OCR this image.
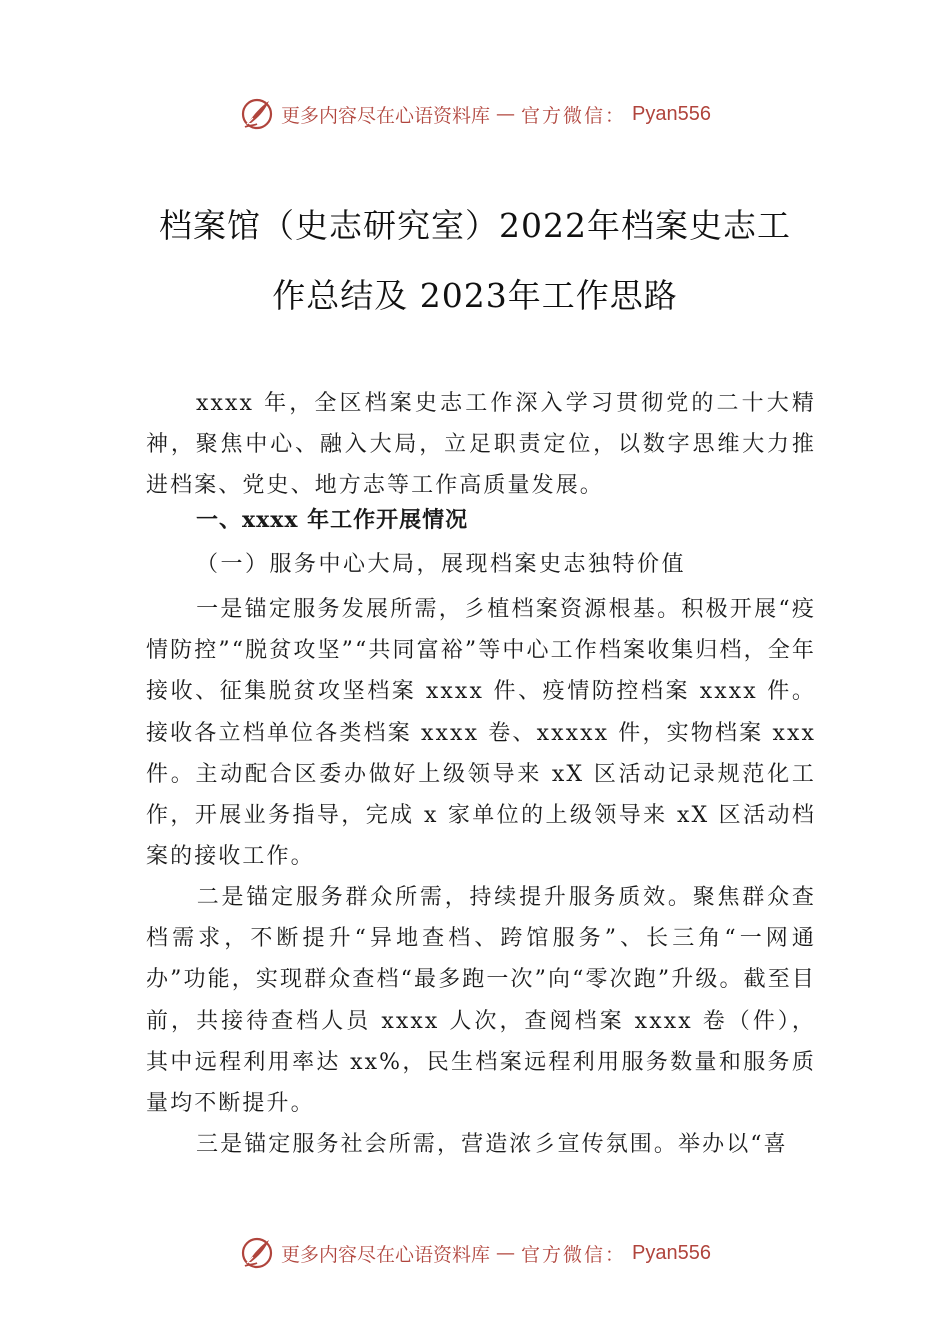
更多内容尽在心语资料库 — 官方微信： Pyan556
档案馆（史志研究室）2022年档案史志工
作总结及 2023年工作思路

xxxx 年，全区档案史志工作深入学习贯彻党的二十大精神，聚焦中心、融入大局，立足职责定位，以数字思维大力推进档案、党史、地方志等工作高质量发展。

一、xxxx 年工作开展情况

（一）服务中心大局，展现档案史志独特价值

一是锚定服务发展所需，⼺植档案资源根基。积极开展“疫情防控”“脱贫攻坚”“共同富裕”等中心工作档案收集归档，全年接收、征集脱贫攻坚档案 xxxx 件、疫情防控档案 xxxx 件。接收各立档单位各类档案 xxxx 卷、xxxxx 件，实物档案 xxx 件。主动配合区委办做好上级领导来 xX 区活动记录规范化工作，开展业务指导，完成 x 家单位的上级领导来 xX 区活动档案的接收工作。

二是锚定服务群众所需，持续提升服务质效。聚焦群众查档需求，不断提升“异地查档、跨馆服务”、长三角“一网通办”功能，实现群众查档“最多跑一次”向“零次跑”升级。截至目前，共接待查档人员 xxxx 人次，查阅档案 xxxx 卷（件），其中远程利用率达 xx%，民生档案远程利用服务数量和服务质量均不断提升。

三是锚定服务社会所需，营造浓⼺宣传氛围。举办以“喜

更多内容尽在心语资料库 — 官方微信： Pyan556
